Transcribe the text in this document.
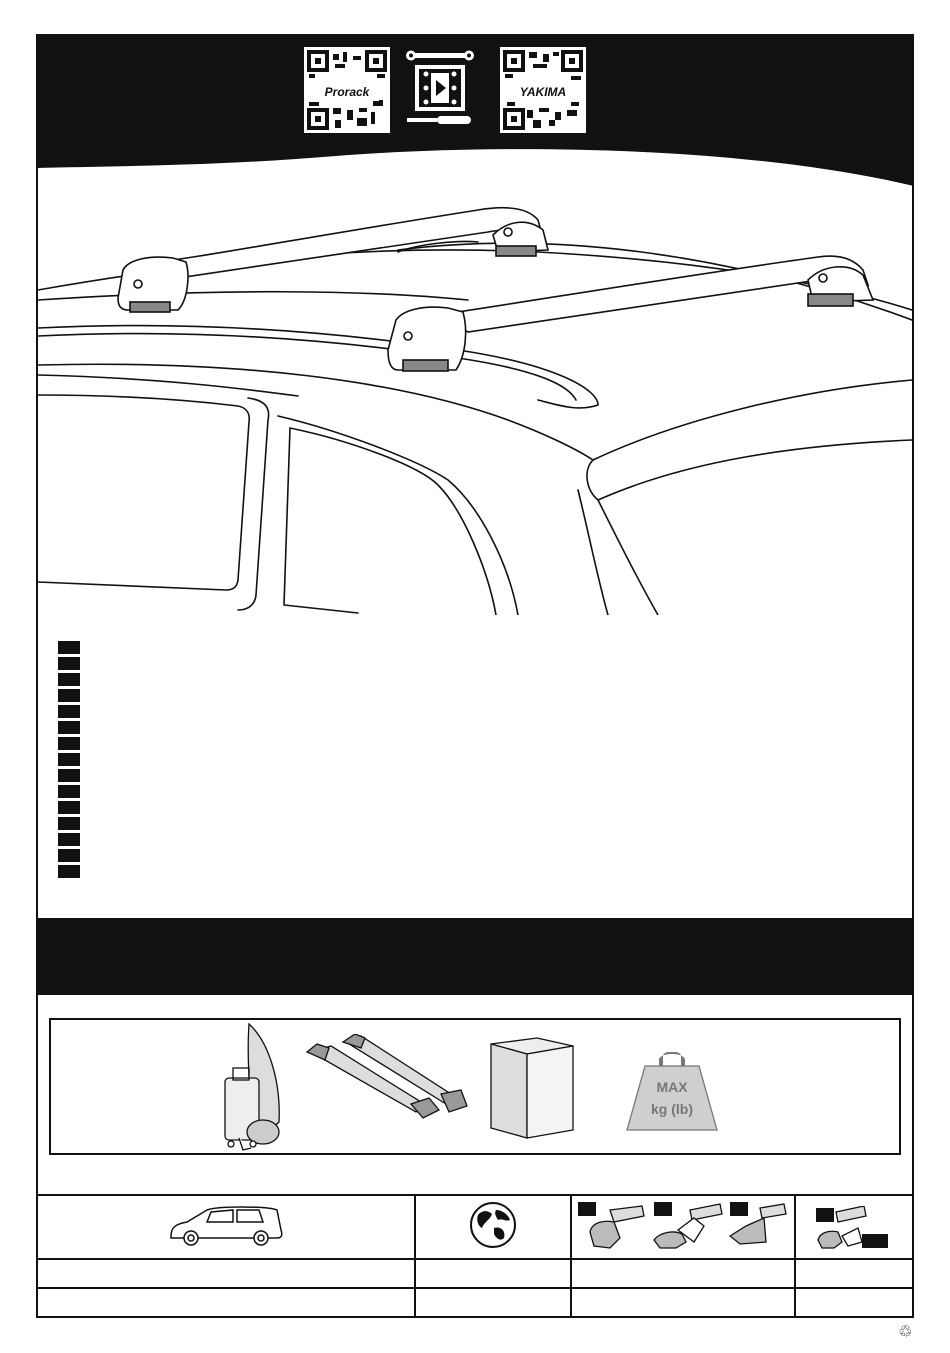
Prorack	YAKIMA
MAX
kg (lb)

♲
